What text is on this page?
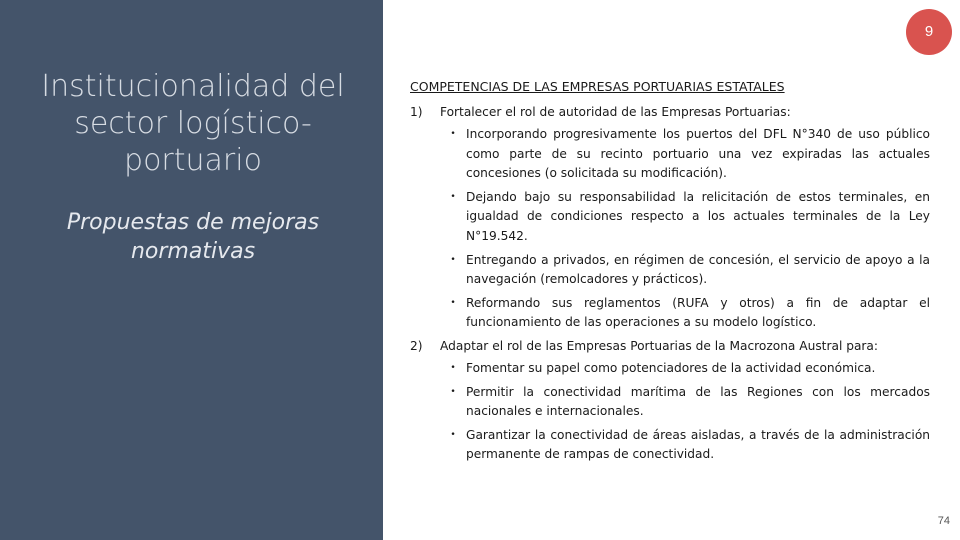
Institucionalidad del sector logístico-portuario
Propuestas de mejoras normativas
9
COMPETENCIAS DE LAS EMPRESAS PORTUARIAS ESTATALES
1)	Fortalecer el rol de autoridad de las Empresas Portuarias:
• Incorporando progresivamente los puertos del DFL N°340 de uso público como parte de su recinto portuario una vez expiradas las actuales concesiones (o solicitada su modificación).
• Dejando bajo su responsabilidad la relicitación de estos terminales, en igualdad de condiciones respecto a los actuales terminales de la Ley N°19.542.
• Entregando a privados, en régimen de concesión, el servicio de apoyo a la navegación (remolcadores y prácticos).
• Reformando sus reglamentos (RUFA y otros) a fin de adaptar el funcionamiento de las operaciones a su modelo logístico.
2)	Adaptar el rol de las Empresas Portuarias de la Macrozona Austral para:
• Fomentar su papel como potenciadores de la actividad económica.
• Permitir la conectividad marítima de las Regiones con los mercados nacionales e internacionales.
• Garantizar la conectividad de áreas aisladas, a través de la administración permanente de rampas de conectividad.
74
